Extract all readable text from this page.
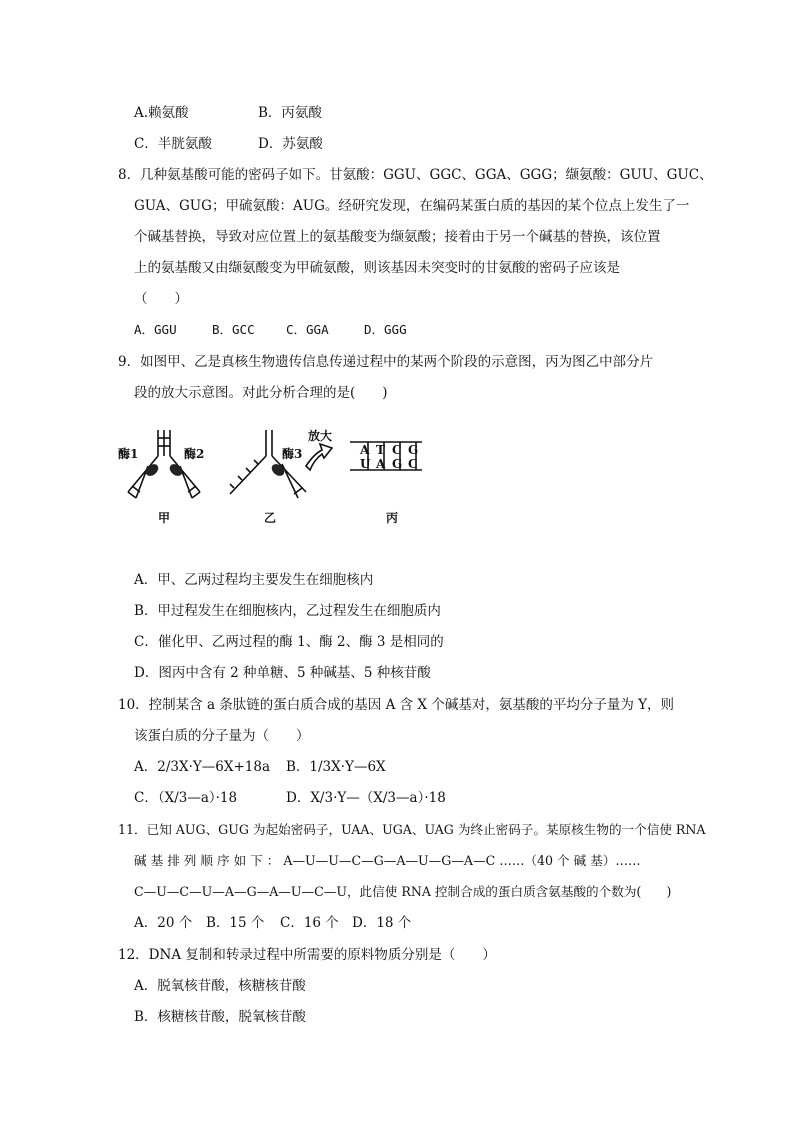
A.赖氨酸	B．丙氨酸
C．半胱氨酸	D．苏氨酸
8．几种氨基酸可能的密码子如下。甘氨酸：GGU、GGC、GGA、GGG；缬氨酸：GUU、GUC、
GUA、GUG；甲硫氨酸：AUG。经研究发现，在编码某蛋白质的基因的某个位点上发生了一
个碱基替换，导致对应位置上的氨基酸变为缬氨酸；接着由于另一个碱基的替换，该位置
上的氨基酸又由缬氨酸变为甲硫氨酸，则该基因未突变时的甘氨酸的密码子应该是
（　　）
A．GGU	B．GCC	C．GGA	D．GGG
9．如图甲、乙是真核生物遗传信息传递过程中的某两个阶段的示意图，丙为图乙中部分片
段的放大示意图。对此分析合理的是(　　)
酶1	酶2	酶3
放大
A T C G
U A G C
甲	乙	丙
A．甲、乙两过程均主要发生在细胞核内
B．甲过程发生在细胞核内，乙过程发生在细胞质内
C．催化甲、乙两过程的酶 1、酶 2、酶 3 是相同的
D．图丙中含有 2 种单糖、5 种碱基、5 种核苷酸
10．控制某含 a 条肽链的蛋白质合成的基因 A 含 X 个碱基对，氨基酸的平均分子量为 Y，则
该蛋白质的分子量为（　　）
A．2/3X·Y—6X+18a B．1/3X·Y—6X
C．（X/3—a）·18	D．X/3·Y—（X/3—a）·18
11．已知 AUG、GUG 为起始密码子，UAA、UGA、UAG 为终止密码子。某原核生物的一个信使 RNA
碱 基 排 列 顺 序 如 下 ： A—U—U—C—G—A—U—G—A—C ……（40 个 碱 基）……
C—U—C—U—A—G—A—U—C—U，此信使 RNA 控制合成的蛋白质含氨基酸的个数为(　　)
A．20 个 B．15 个 C．16 个 D．18 个
12．DNA 复制和转录过程中所需要的原料物质分别是（　　）
A．脱氧核苷酸，核糖核苷酸
B．核糖核苷酸，脱氧核苷酸
